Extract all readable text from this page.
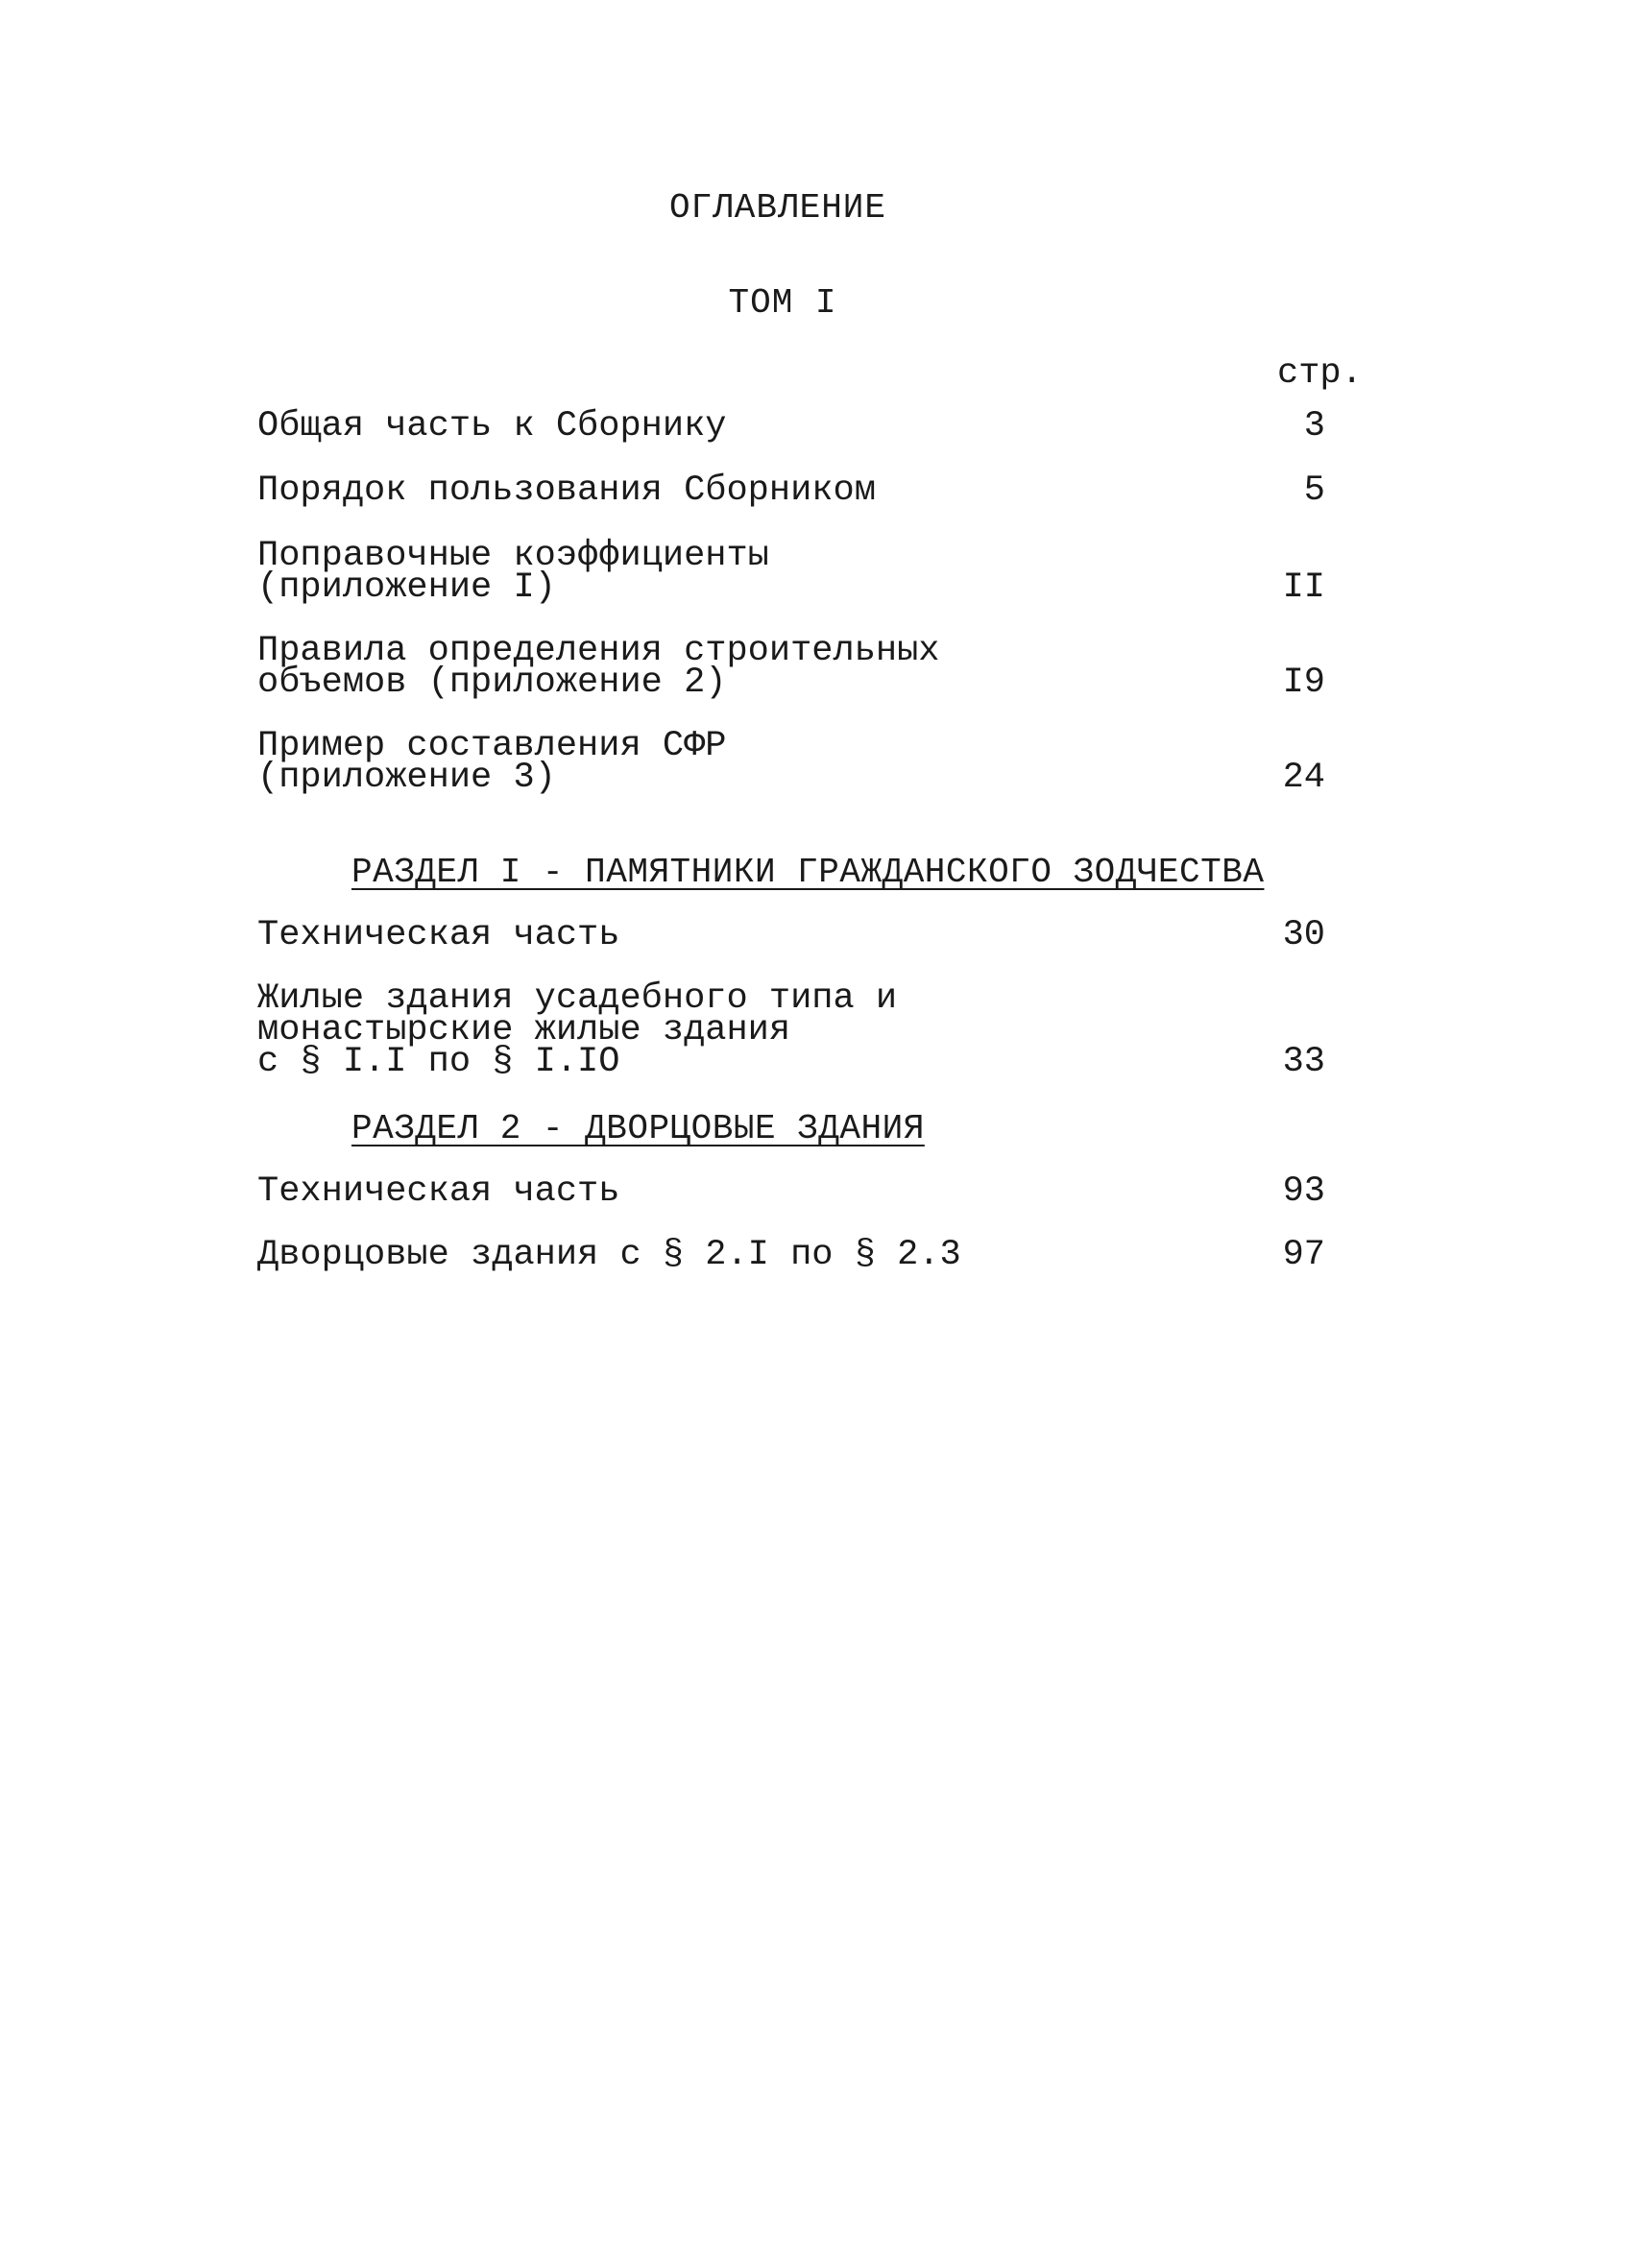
ОГЛАВЛЕНИЕ
ТОМ I
стр.
Общая часть к Сборнику	3
Порядок пользования Сборником	5
Поправочные коэффициенты
(приложение I)	II
Правила определения строительных
объемов (приложение 2)	I9
Пример составления СФР
(приложение 3)	24
РАЗДЕЛ I - ПАМЯТНИКИ ГРАЖДАНСКОГО ЗОДЧЕСТВА
Техническая часть	30
Жилые здания усадебного типа и
монастырские жилые здания
с § I.I по § I.IO	33
РАЗДЕЛ 2 - ДВОРЦОВЫЕ ЗДАНИЯ
Техническая часть	93
Дворцовые здания с § 2.I по § 2.3	97
